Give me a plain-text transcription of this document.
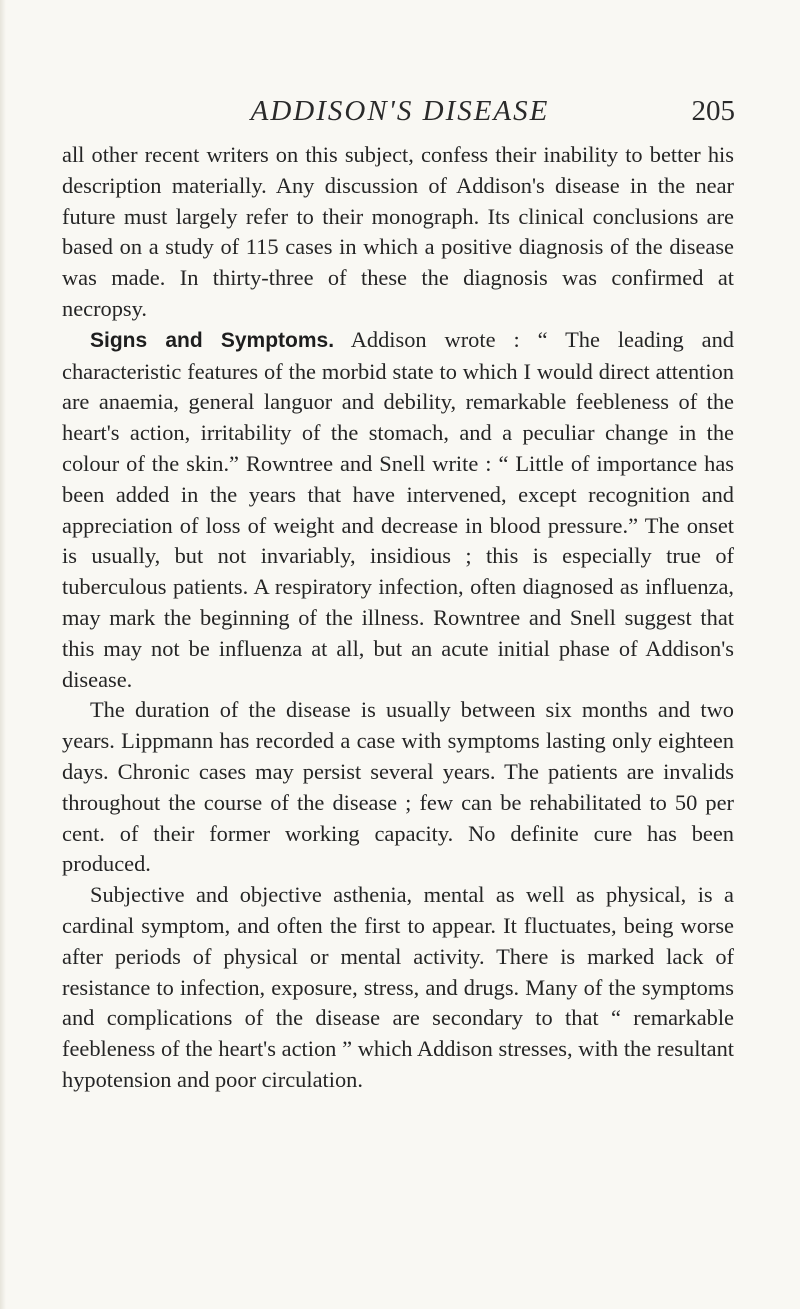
ADDISON'S DISEASE	205

all other recent writers on this subject, confess their inability to better his description materially. Any discussion of Addison's disease in the near future must largely refer to their monograph. Its clinical conclusions are based on a study of 115 cases in which a positive diagnosis of the disease was made. In thirty-three of these the diagnosis was confirmed at necropsy.

Signs and Symptoms. Addison wrote : “ The leading and characteristic features of the morbid state to which I would direct attention are anaemia, general languor and debility, remarkable feebleness of the heart's action, irritability of the stomach, and a peculiar change in the colour of the skin.” Rowntree and Snell write : “ Little of importance has been added in the years that have intervened, except recognition and appreciation of loss of weight and decrease in blood pressure.” The onset is usually, but not invariably, insidious ; this is especially true of tuberculous patients. A respiratory infection, often diagnosed as influenza, may mark the beginning of the illness. Rowntree and Snell suggest that this may not be influenza at all, but an acute initial phase of Addison's disease.

The duration of the disease is usually between six months and two years. Lippmann has recorded a case with symptoms lasting only eighteen days. Chronic cases may persist several years. The patients are invalids throughout the course of the disease ; few can be rehabilitated to 50 per cent. of their former working capacity. No definite cure has been produced.

Subjective and objective asthenia, mental as well as physical, is a cardinal symptom, and often the first to appear. It fluctuates, being worse after periods of physical or mental activity. There is marked lack of resistance to infection, exposure, stress, and drugs. Many of the symptoms and complications of the disease are secondary to that “ remarkable feebleness of the heart's action ” which Addison stresses, with the resultant hypotension and poor circulation.
